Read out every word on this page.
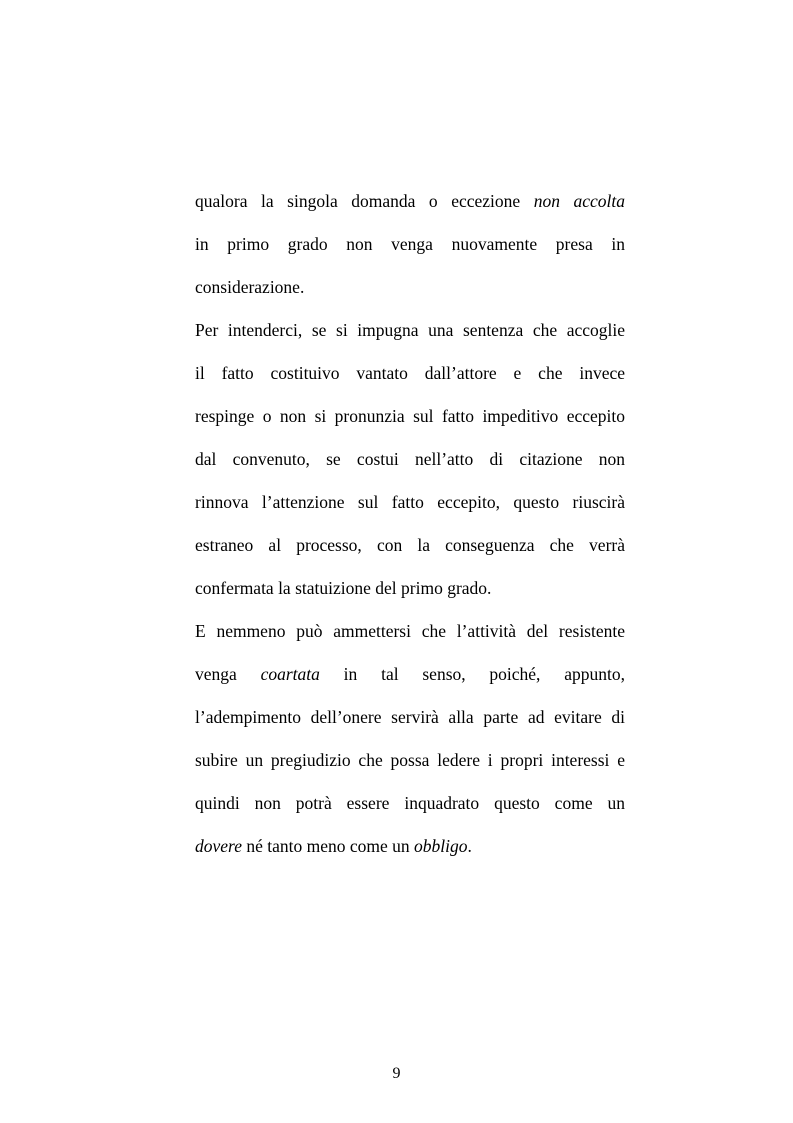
qualora la singola domanda o eccezione non accolta
in primo grado non venga nuovamente presa in
considerazione.
Per intenderci, se si impugna una sentenza che accoglie
il fatto costituivo vantato dall’attore e che invece
respinge o non si pronunzia sul fatto impeditivo eccepito
dal convenuto, se costui nell’atto di citazione non
rinnova l’attenzione sul fatto eccepito, questo riuscirà
estraneo al processo, con la conseguenza che verrà
confermata la statuizione del primo grado.
E nemmeno può ammettersi che l’attività del resistente
venga coartata in tal senso, poiché, appunto,
l’adempimento dell’onere servirà alla parte ad evitare di
subire un pregiudizio che possa ledere i propri interessi e
quindi non potrà essere inquadrato questo come un
dovere né tanto meno come un obbligo.
9
